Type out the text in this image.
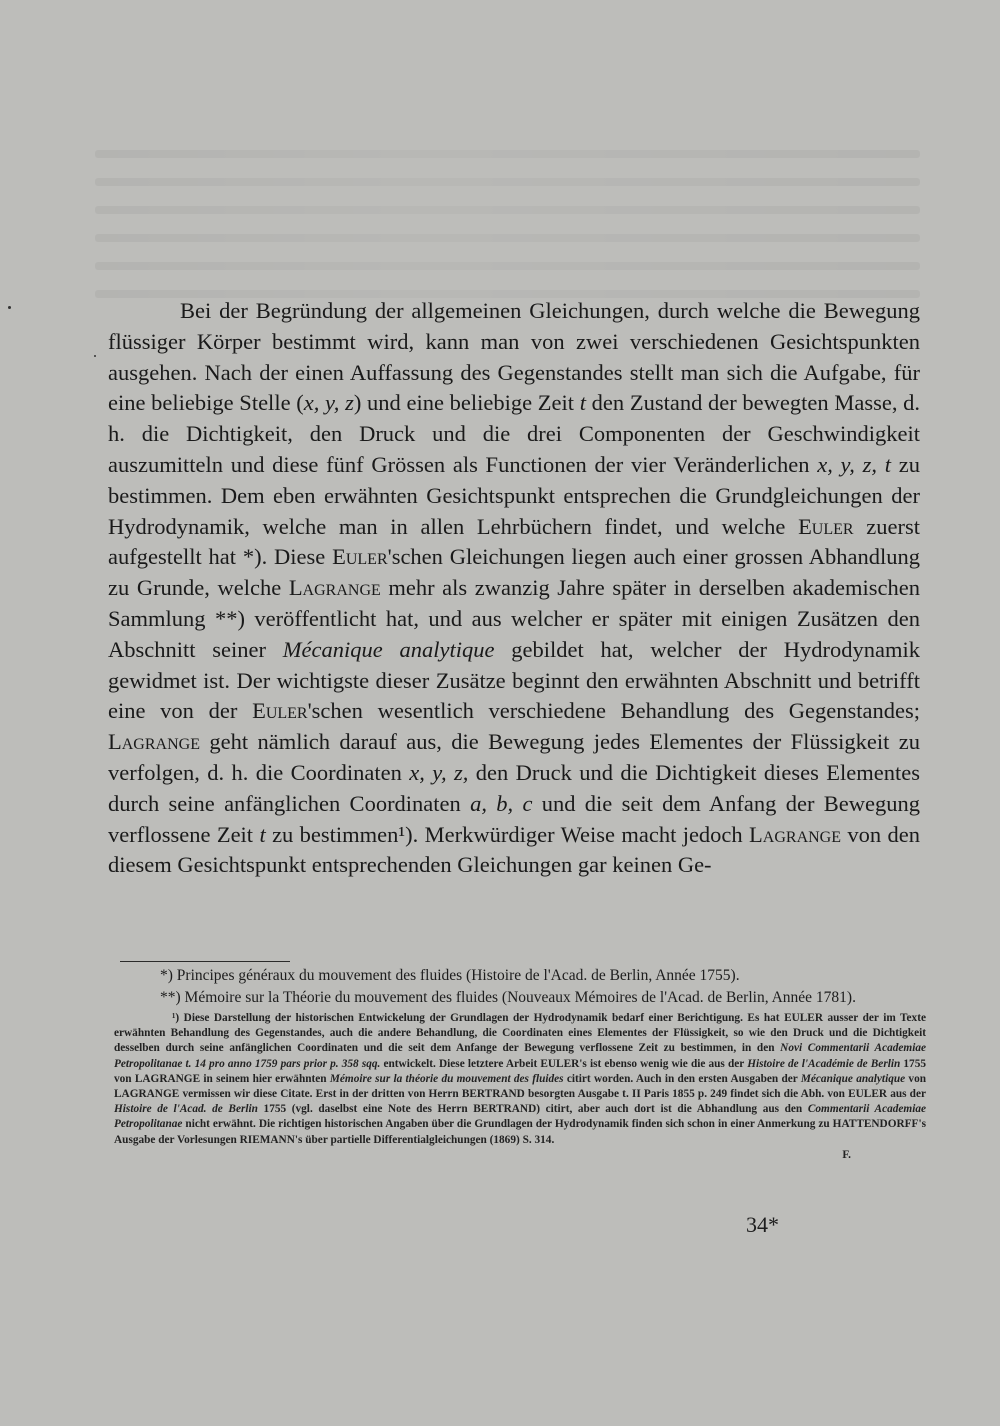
Bei der Begründung der allgemeinen Gleichungen, durch welche die Bewegung flüssiger Körper bestimmt wird, kann man von zwei verschiedenen Gesichtspunkten ausgehen. Nach der einen Auffassung des Gegenstandes stellt man sich die Aufgabe, für eine beliebige Stelle (x, y, z) und eine beliebige Zeit t den Zustand der bewegten Masse, d. h. die Dichtigkeit, den Druck und die drei Componenten der Geschwindigkeit auszumitteln und diese fünf Grössen als Functionen der vier Veränderlichen x, y, z, t zu bestimmen. Dem eben erwähnten Gesichtspunkt entsprechen die Grundgleichungen der Hydrodynamik, welche man in allen Lehrbüchern findet, und welche Euler zuerst aufgestellt hat *). Diese Euler'schen Gleichungen liegen auch einer grossen Abhandlung zu Grunde, welche Lagrange mehr als zwanzig Jahre später in derselben akademischen Sammlung **) veröffentlicht hat, und aus welcher er später mit einigen Zusätzen den Abschnitt seiner Mécanique analytique gebildet hat, welcher der Hydrodynamik gewidmet ist. Der wichtigste dieser Zusätze beginnt den erwähnten Abschnitt und betrifft eine von der Euler'schen wesentlich verschiedene Behandlung des Gegenstandes; Lagrange geht nämlich darauf aus, die Bewegung jedes Elementes der Flüssigkeit zu verfolgen, d. h. die Coordinaten x, y, z, den Druck und die Dichtigkeit dieses Elementes durch seine anfänglichen Coordinaten a, b, c und die seit dem Anfang der Bewegung verflossene Zeit t zu bestimmen¹). Merkwürdiger Weise macht jedoch Lagrange von den diesem Gesichtspunkt entsprechenden Gleichungen gar keinen Ge-

*) Principes généraux du mouvement des fluides (Histoire de l'Acad. de Berlin, Année 1755).
**) Mémoire sur la Théorie du mouvement des fluides (Nouveaux Mémoires de l'Acad. de Berlin, Année 1781).

¹) Diese Darstellung der historischen Entwickelung der Grundlagen der Hydrodynamik bedarf einer Berichtigung. Es hat EULER ausser der im Texte erwähnten Behandlung des Gegenstandes, auch die andere Behandlung, die Coordinaten eines Elementes der Flüssigkeit, so wie den Druck und die Dichtigkeit desselben durch seine anfänglichen Coordinaten und die seit dem Anfange der Bewegung verflossene Zeit zu bestimmen, in den Novi Commentarii Academiae Petropolitanae t. 14 pro anno 1759 pars prior p. 358 sqq. entwickelt. Diese letztere Arbeit EULER's ist ebenso wenig wie die aus der Histoire de l'Académie de Berlin 1755 von LAGRANGE in seinem hier erwähnten Mémoire sur la théorie du mouvement des fluides citirt worden. Auch in den ersten Ausgaben der Mécanique analytique von LAGRANGE vermissen wir diese Citate. Erst in der dritten von Herrn BERTRAND besorgten Ausgabe t. II Paris 1855 p. 249 findet sich die Abh. von EULER aus der Histoire de l'Acad. de Berlin 1755 (vgl. daselbst eine Note des Herrn BERTRAND) citirt, aber auch dort ist die Abhandlung aus den Commentarii Academiae Petropolitanae nicht erwähnt. Die richtigen historischen Angaben über die Grundlagen der Hydrodynamik finden sich schon in einer Anmerkung zu HATTENDORFF's Ausgabe der Vorlesungen RIEMANN's über partielle Differentialgleichungen (1869) S. 314.

F.
34*
